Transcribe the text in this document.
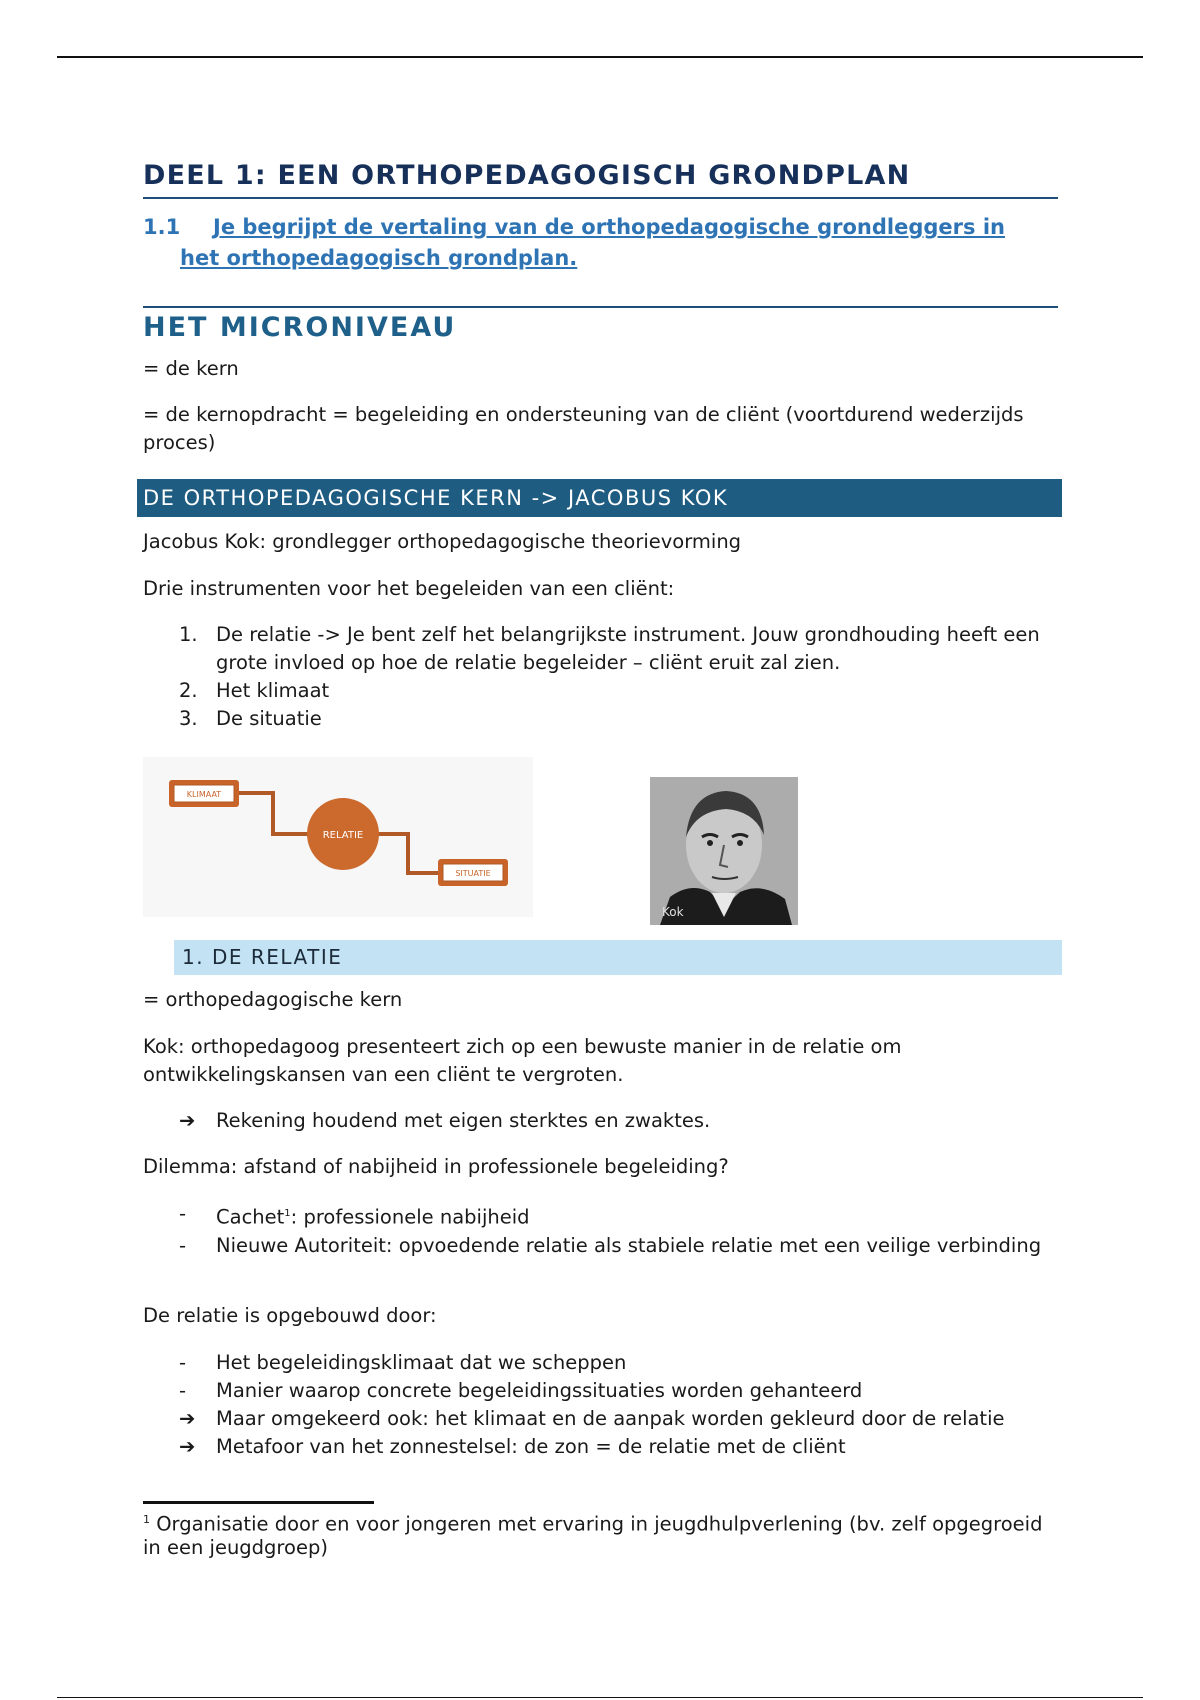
DEEL 1: EEN ORTHOPEDAGOGISCH GRONDPLAN
1.1 Je begrijpt de vertaling van de orthopedagogische grondleggers in
het orthopedagogisch grondplan.
HET MICRONIVEAU
= de kern
= de kernopdracht = begeleiding en ondersteuning van de cliënt (voortdurend wederzijds proces)
DE ORTHOPEDAGOGISCHE KERN -> JACOBUS KOK
Jacobus Kok: grondlegger orthopedagogische theorievorming
Drie instrumenten voor het begeleiden van een cliënt:
1. De relatie -> Je bent zelf het belangrijkste instrument. Jouw grondhouding heeft een grote invloed op hoe de relatie begeleider – cliënt eruit zal zien.
2. Het klimaat
3. De situatie
KLIMAAT
RELATIE
SITUATIE
Kok
1. DE RELATIE
= orthopedagogische kern
Kok: orthopedagoog presenteert zich op een bewuste manier in de relatie om ontwikkelingskansen van een cliënt te vergroten.
➔ Rekening houdend met eigen sterktes en zwaktes.
Dilemma: afstand of nabijheid in professionele begeleiding?
- Cachet$^1$: professionele nabijheid
- Nieuwe Autoriteit: opvoedende relatie als stabiele relatie met een veilige verbinding
De relatie is opgebouwd door:
- Het begeleidingsklimaat dat we scheppen
- Manier waarop concrete begeleidingssituaties worden gehanteerd
➔ Maar omgekeerd ook: het klimaat en de aanpak worden gekleurd door de relatie
➔ Metafoor van het zonnestelsel: de zon = de relatie met de cliënt
$^1$ Organisatie door en voor jongeren met ervaring in jeugdhulpverlening (bv. zelf opgegroeid in een jeugdgroep)
